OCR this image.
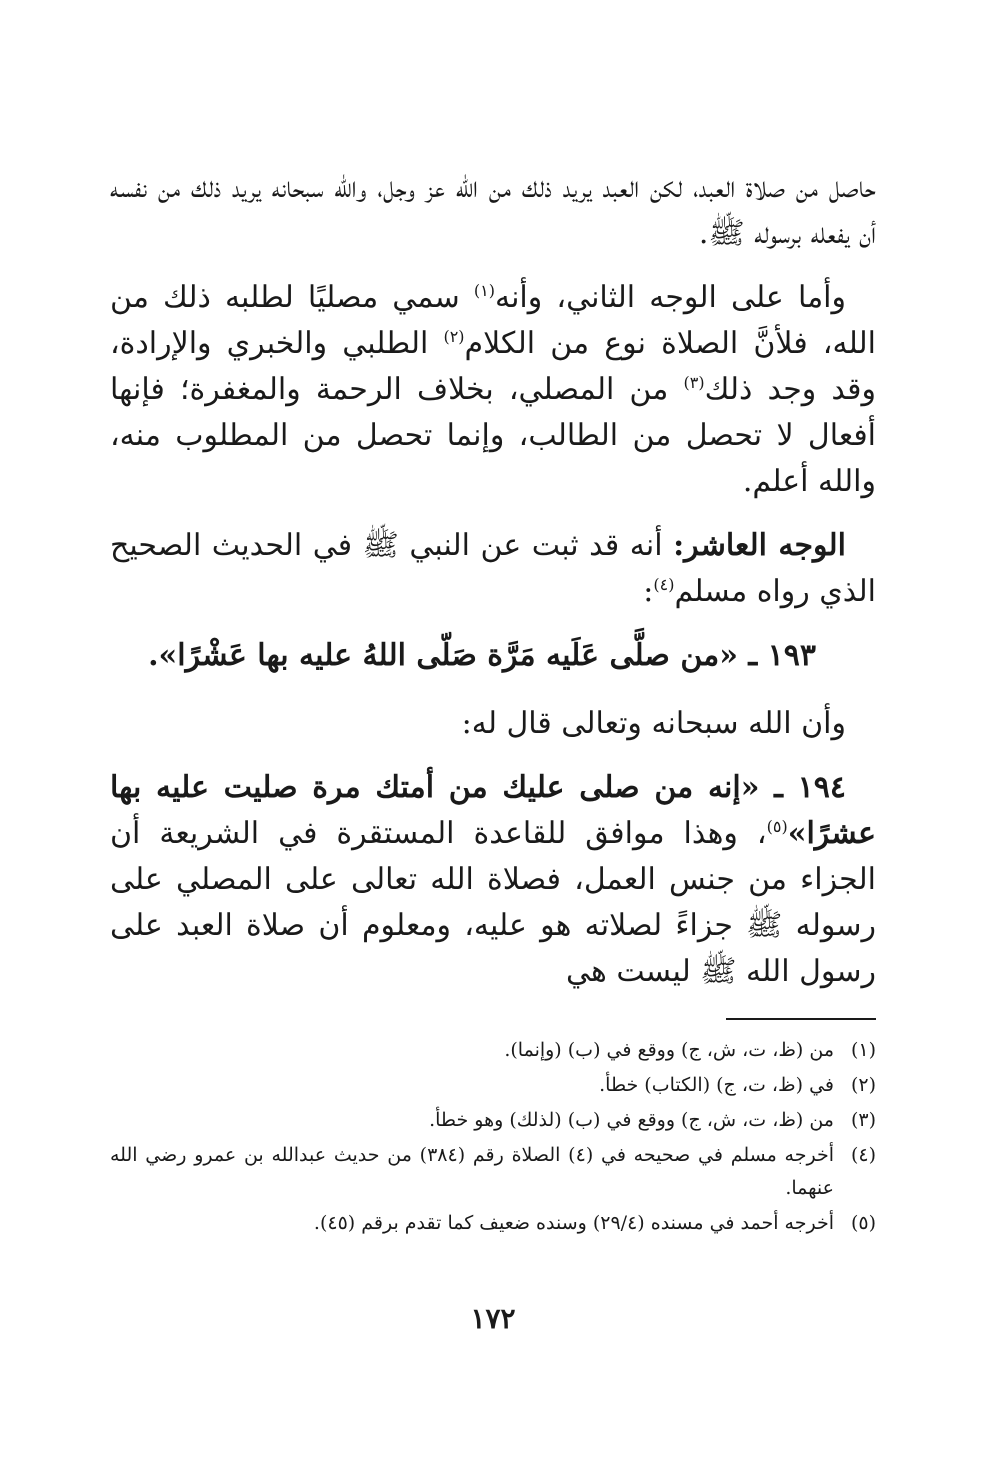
حاصل من صلاة العبد، لكن العبد يريد ذلك من الله عز وجل، والله سبحانه يريد ذلك من نفسه أن يفعله برسوله ﷺ.

وأما على الوجه الثاني، وأنه$^{(١)}$ سمي مصليًا لطلبه ذلك من الله، فلأنَّ الصلاة نوع من الكلام$^{(٢)}$ الطلبي والخبري والإرادة، وقد وجد ذلك$^{(٣)}$ من المصلي، بخلاف الرحمة والمغفرة؛ فإنها أفعال لا تحصل من الطالب، وإنما تحصل من المطلوب منه، والله أعلم.

الوجه العاشر: أنه قد ثبت عن النبي ﷺ في الحديث الصحيح الذي رواه مسلم$^{(٤)}$:

١٩٣ ـ «من صلَّى عَلَيه مَرَّة صَلّى اللهُ عليه بها عَشْرًا».

وأن الله سبحانه وتعالى قال له:

١٩٤ ـ «إنه من صلى عليك من أمتك مرة صليت عليه بها عشرًا»$^{(٥)}$، وهذا موافق للقاعدة المستقرة في الشريعة أن الجزاء من جنس العمل، فصلاة الله تعالى على المصلي على رسوله ﷺ جزاءً لصلاته هو عليه، ومعلوم أن صلاة العبد على رسول الله ﷺ ليست هي

(١)
من (ظ، ت، ش، ج) ووقع في (ب) (وإنما).
(٢)
في (ظ، ت، ج) (الكتاب) خطأ.
(٣)
من (ظ، ت، ش، ج) ووقع في (ب) (لذلك) وهو خطأ.
(٤)
أخرجه مسلم في صحيحه في (٤) الصلاة رقم (٣٨٤) من حديث عبدالله بن عمرو رضي الله عنهما.
(٥)
أخرجه أحمد في مسنده (٢٩/٤) وسنده ضعيف كما تقدم برقم (٤٥).
١٧٢
